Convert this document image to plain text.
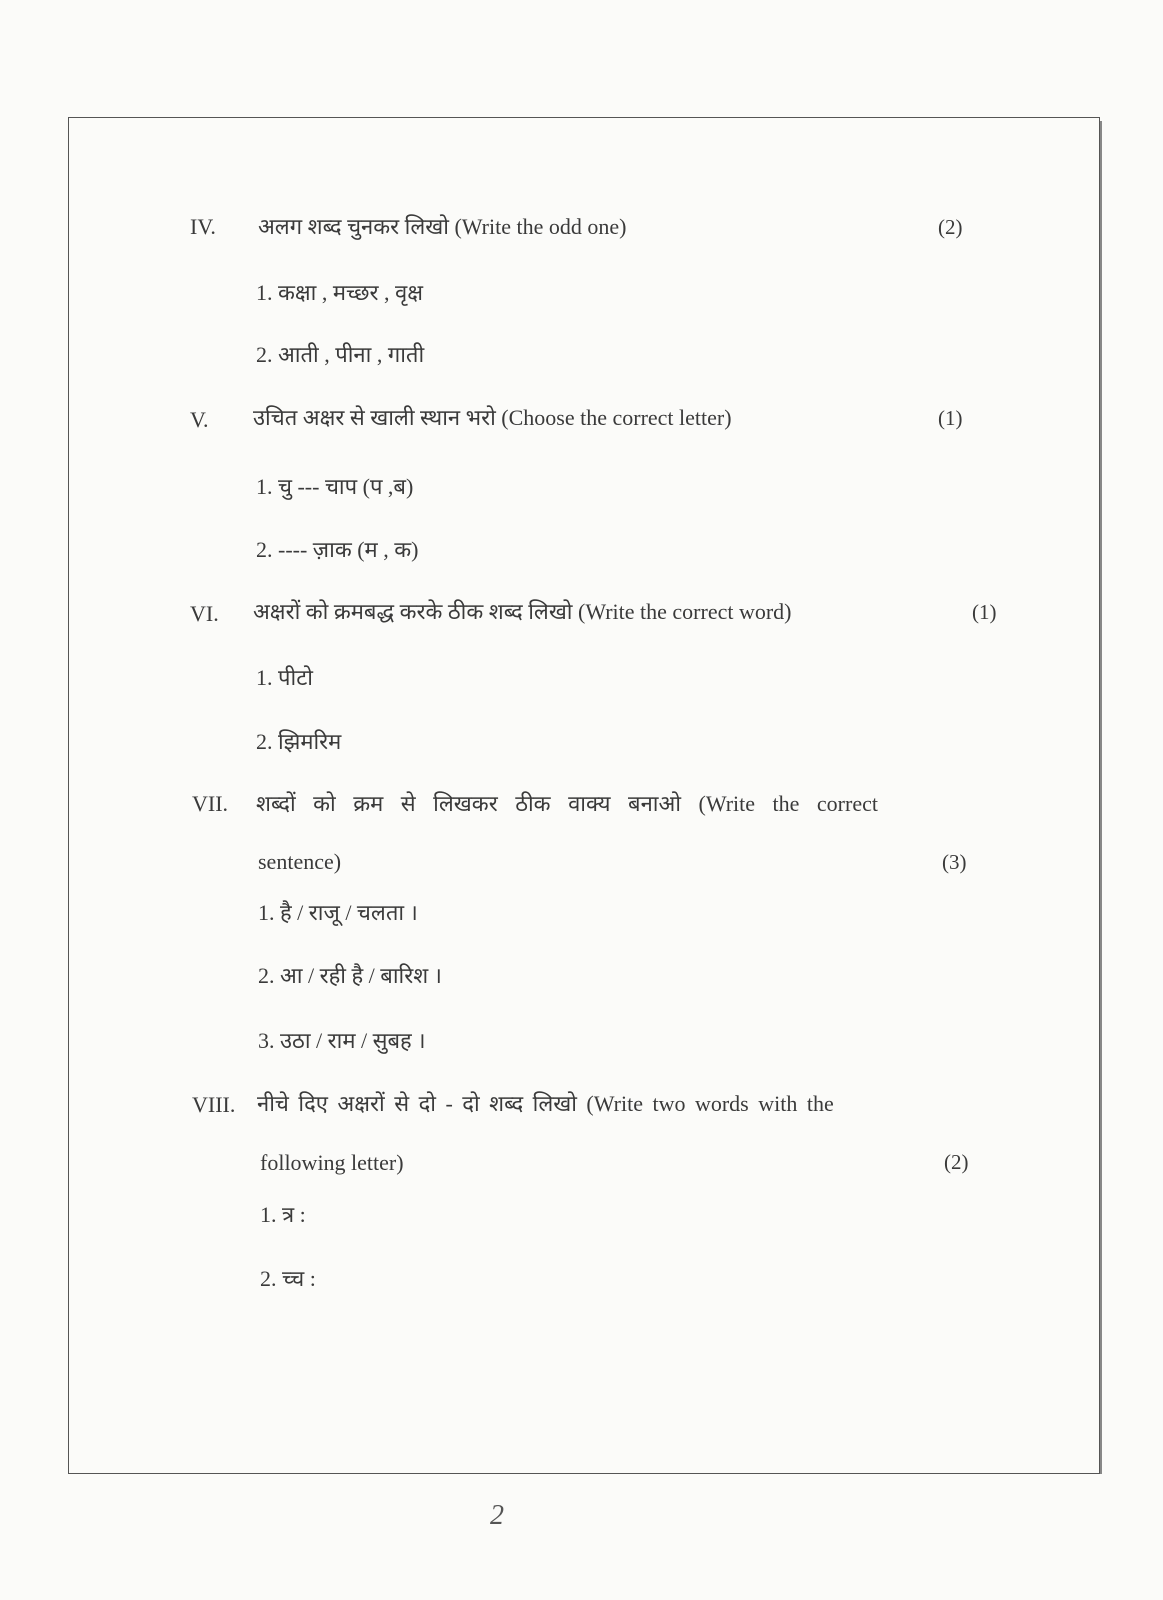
IV. अलग शब्द चुनकर लिखो (Write the odd one)	(2)
1. कक्षा , मच्छर , वृक्ष
2. आती , पीना , गाती
V. उचित अक्षर से खाली स्थान भरो (Choose the correct letter)	(1)
1. चु --- चाप (प ,ब)
2. ---- ज़ाक (म , क)
VI. अक्षरों को क्रमबद्ध करके ठीक शब्द लिखो (Write the correct word)	(1)
1. पीटो
2. झिमरिम
VII. शब्दों को क्रम से लिखकर ठीक वाक्य बनाओ (Write the correct
sentence)	(3)
1. है / राजू / चलता ।
2. आ / रही है / बारिश ।
3. उठा / राम / सुबह ।
VIII. नीचे दिए अक्षरों से दो - दो शब्द लिखो (Write two words with the
following letter)	(2)
1. त्र :
2. च्च :
2
